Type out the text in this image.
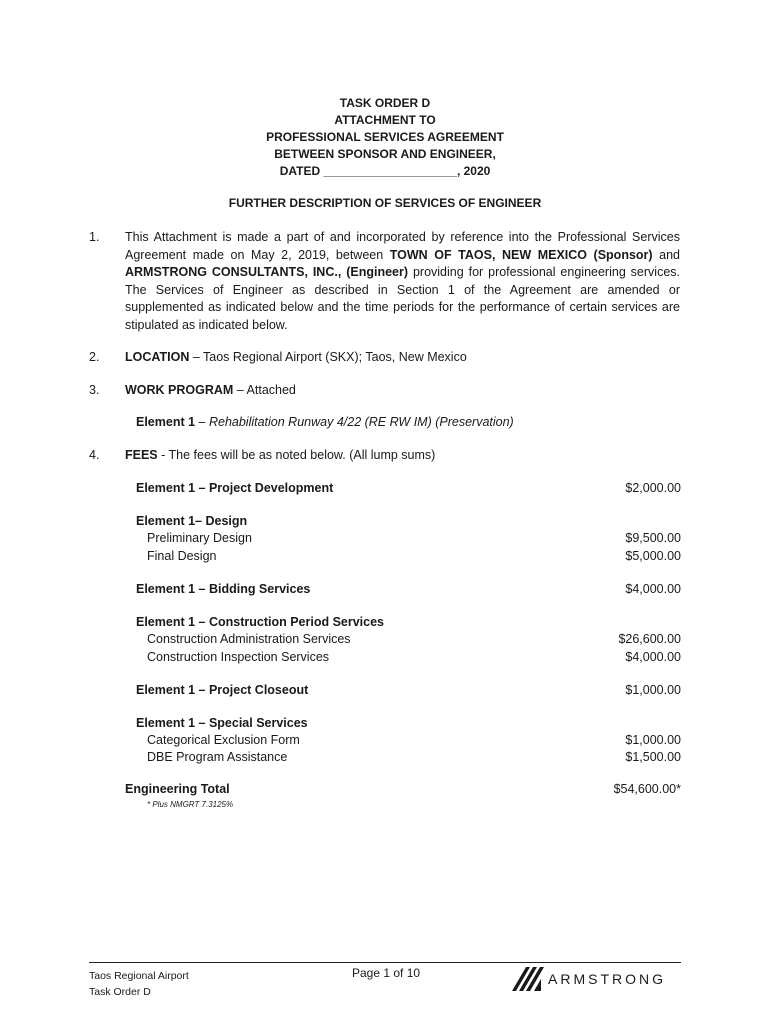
TASK ORDER D
ATTACHMENT TO
PROFESSIONAL SERVICES AGREEMENT
BETWEEN SPONSOR AND ENGINEER,
DATED ____________________, 2020
FURTHER DESCRIPTION OF SERVICES OF ENGINEER
1. This Attachment is made a part of and incorporated by reference into the Professional Services Agreement made on May 2, 2019, between TOWN OF TAOS, NEW MEXICO (Sponsor) and ARMSTRONG CONSULTANTS, INC., (Engineer) providing for professional engineering services. The Services of Engineer as described in Section 1 of the Agreement are amended or supplemented as indicated below and the time periods for the performance of certain services are stipulated as indicated below.
2. LOCATION – Taos Regional Airport (SKX); Taos, New Mexico
3. WORK PROGRAM – Attached
Element 1 – Rehabilitation Runway 4/22 (RE RW IM) (Preservation)
4. FEES - The fees will be as noted below. (All lump sums)
Element 1 – Project Development	$2,000.00
Element 1– Design
Preliminary Design	$9,500.00
Final Design	$5,000.00
Element 1 – Bidding Services	$4,000.00
Element 1 – Construction Period Services
Construction Administration Services	$26,600.00
Construction Inspection Services	$4,000.00
Element 1 – Project Closeout	$1,000.00
Element 1 – Special Services
Categorical Exclusion Form	$1,000.00
DBE Program Assistance	$1,500.00
Engineering Total	$54,600.00*
* Plus NMGRT 7.3125%
Taos Regional Airport
Task Order D
Page 1 of 10	ARMSTRONG
